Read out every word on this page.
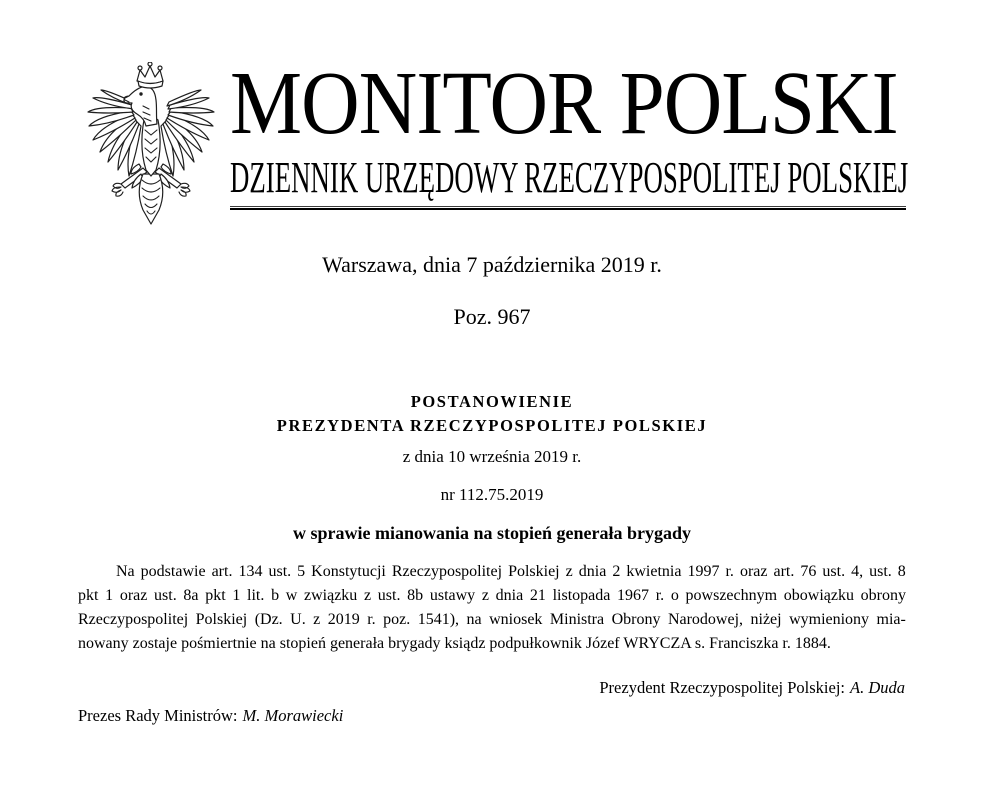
MONITOR POLSKI
DZIENNIK URZĘDOWY RZECZYPOSPOLITEJ POLSKIEJ
Warszawa, dnia 7 października 2019 r.
Poz. 967
POSTANOWIENIE
PREZYDENTA RZECZYPOSPOLITEJ POLSKIEJ
z dnia 10 września 2019 r.
nr 112.75.2019
w sprawie mianowania na stopień generała brygady
Na podstawie art. 134 ust. 5 Konstytucji Rzeczypospolitej Polskiej z dnia 2 kwietnia 1997 r. oraz art. 76 ust. 4, ust. 8
pkt 1 oraz ust. 8a pkt 1 lit. b w związku z ust. 8b ustawy z dnia 21 listopada 1967 r. o powszechnym obowiązku obrony
Rzeczypospolitej Polskiej (Dz. U. z 2019 r. poz. 1541), na wniosek Ministra Obrony Narodowej, niżej wymieniony mia-
nowany zostaje pośmiertnie na stopień generała brygady ksiądz podpułkownik Józef WRYCZA s. Franciszka r. 1884.
Prezydent Rzeczypospolitej Polskiej: A. Duda
Prezes Rady Ministrów: M. Morawiecki
